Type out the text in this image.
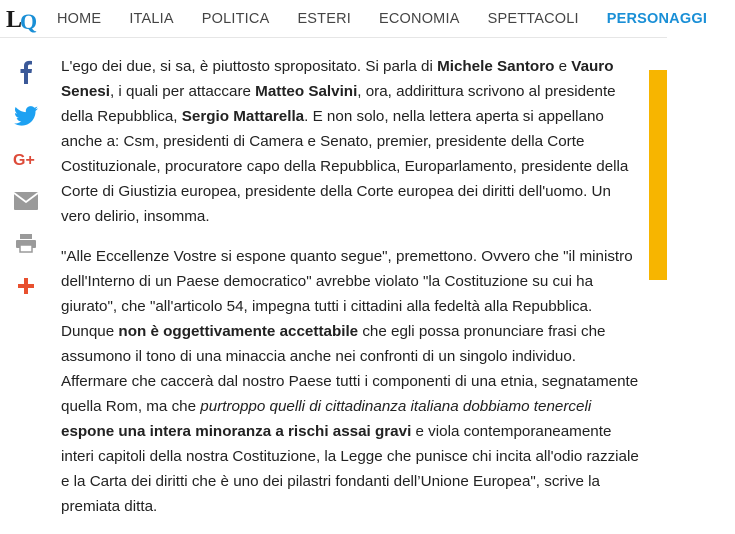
L
Q HOME ITALIA POLITICA ESTERI ECONOMIA SPETTACOLI PERSONAGGI
G+

L'ego dei due, si sa, è piuttosto spropositato. Si parla di Michele Santoro e Vauro Senesi, i quali per attaccare Matteo Salvini, ora, addirittura scrivono al presidente della Repubblica, Sergio Mattarella. E non solo, nella lettera aperta si appellano anche a: Csm, presidenti di Camera e Senato, premier, presidente della Corte Costituzionale, procuratore capo della Repubblica, Europarlamento, presidente della Corte di Giustizia europea, presidente della Corte europea dei diritti dell'uomo. Un vero delirio, insomma.

"Alle Eccellenze Vostre si espone quanto segue", premettono. Ovvero che "il ministro dell'Interno di un Paese democratico" avrebbe violato "la Costituzione su cui ha giurato", che "all'articolo 54, impegna tutti i cittadini alla fedeltà alla Repubblica. Dunque non è oggettivamente accettabile che egli possa pronunciare frasi che assumono il tono di una minaccia anche nei confronti di un singolo individuo. Affermare che caccerà dal nostro Paese tutti i componenti di una etnia, segnatamente quella Rom, ma che purtroppo quelli di cittadinanza italiana dobbiamo tenerceli espone una intera minoranza a rischi assai gravi e viola contemporaneamente interi capitoli della nostra Costituzione, la Legge che punisce chi incita all'odio razziale e la Carta dei diritti che è uno dei pilastri fondanti dell’Unione Europea", scrive la premiata ditta.
